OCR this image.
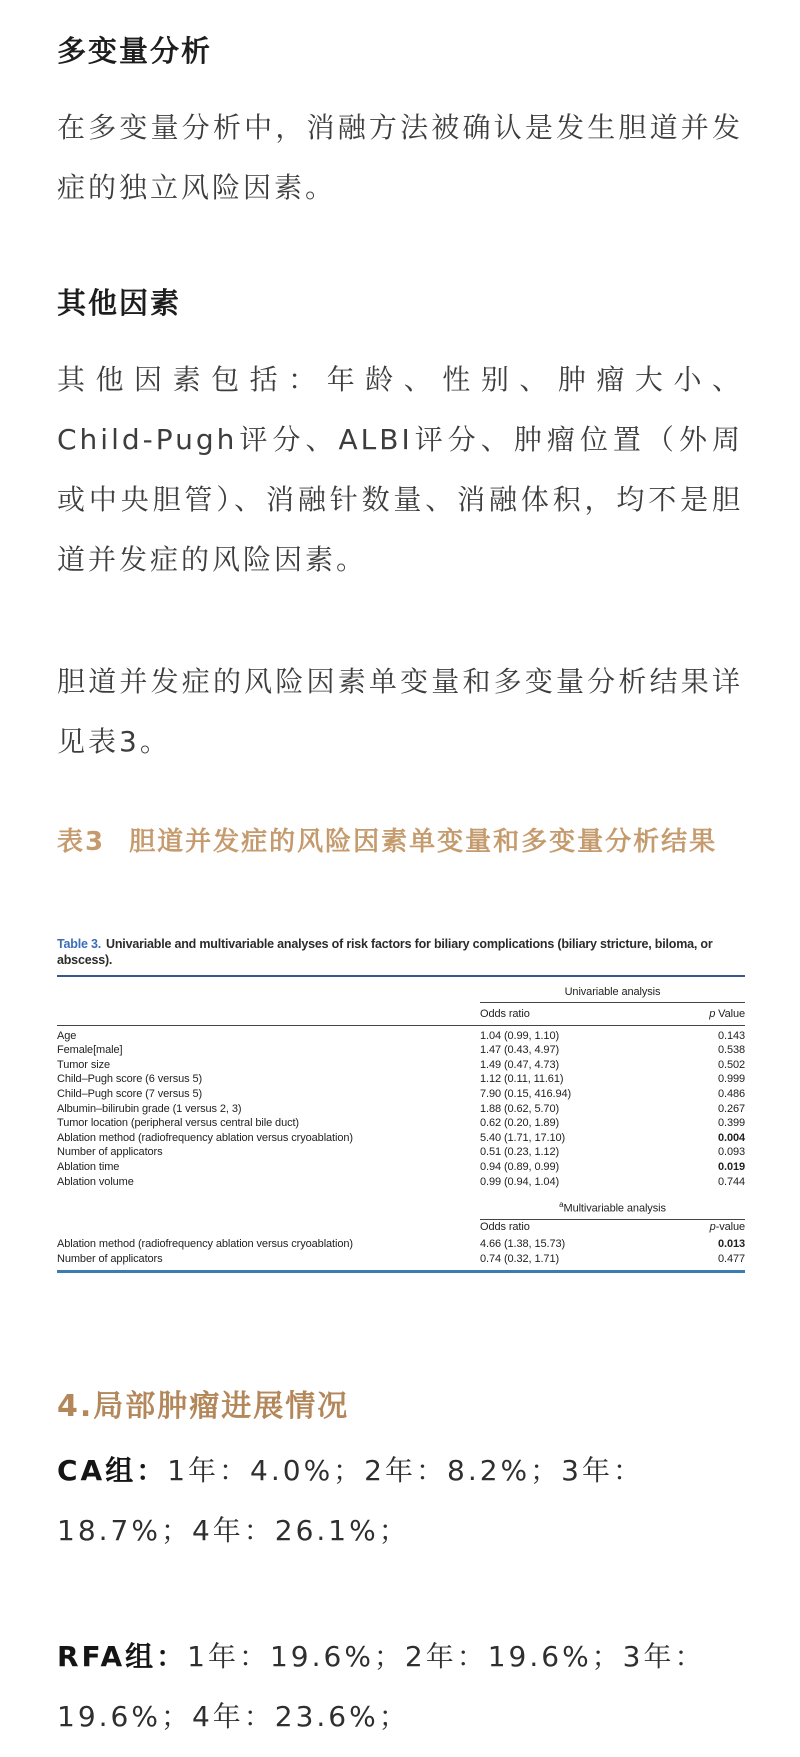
多变量分析

在多变量分析中，消融方法被确认是发生胆道并发症的独立风险因素。

其他因素

其他因素包括：年龄、性别、肿瘤大小、Child-Pugh评分、ALBI评分、肿瘤位置（外周或中央胆管）、消融针数量、消融体积，均不是胆道并发症的风险因素。

胆道并发症的风险因素单变量和多变量分析结果详见表3。

表3 胆道并发症的风险因素单变量和多变量分析结果
Table 3. Univariable and multivariable analyses of risk factors for biliary complications (biliary stricture, biloma, or abscess).
Univariable analysis
Odds ratio	p Value
Age	1.04 (0.99, 1.10)	0.143
Female[male]	1.47 (0.43, 4.97)	0.538
Tumor size	1.49 (0.47, 4.73)	0.502
Child–Pugh score (6 versus 5)	1.12 (0.11, 11.61)	0.999
Child–Pugh score (7 versus 5)	7.90 (0.15, 416.94)	0.486
Albumin–bilirubin grade (1 versus 2, 3)	1.88 (0.62, 5.70)	0.267
Tumor location (peripheral versus central bile duct)	0.62 (0.20, 1.89)	0.399
Ablation method (radiofrequency ablation versus cryoablation)	5.40 (1.71, 17.10)	0.004
Number of applicators	0.51 (0.23, 1.12)	0.093
Ablation time	0.94 (0.89, 0.99)	0.019
Ablation volume	0.99 (0.94, 1.04)	0.744
$^a$Multivariable analysis
Odds ratio	p-value
Ablation method (radiofrequency ablation versus cryoablation)	4.66 (1.38, 15.73)	0.013
Number of applicators	0.74 (0.32, 1.71)	0.477
4.局部肿瘤进展情况

CA组：1年：4.0%；2年：8.2%；3年：18.7%；4年：26.1%；

RFA组：1年：19.6%；2年：19.6%；3年：19.6%；4年：23.6%；
